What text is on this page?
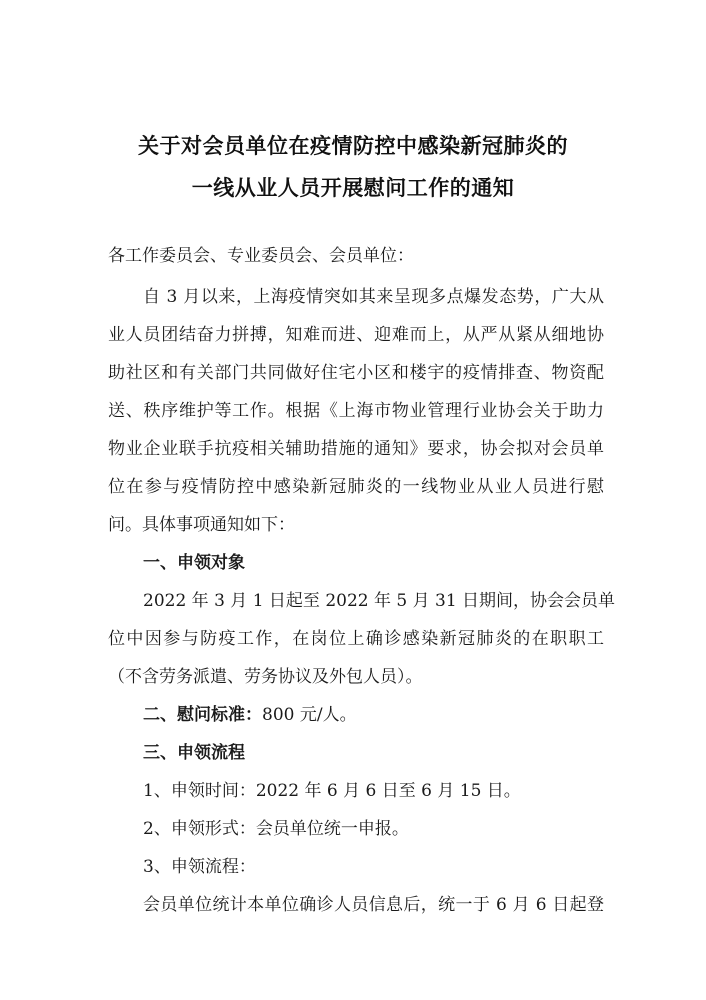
关于对会员单位在疫情防控中感染新冠肺炎的
一线从业人员开展慰问工作的通知
各工作委员会、专业委员会、会员单位：
自 3 月以来，上海疫情突如其来呈现多点爆发态势，广大从
业人员团结奋力拼搏，知难而进、迎难而上，从严从紧从细地协
助社区和有关部门共同做好住宅小区和楼宇的疫情排查、物资配
送、秩序维护等工作。根据《上海市物业管理行业协会关于助力
物业企业联手抗疫相关辅助措施的通知》要求，协会拟对会员单
位在参与疫情防控中感染新冠肺炎的一线物业从业人员进行慰
问。具体事项通知如下：
一、申领对象
2022 年 3 月 1 日起至 2022 年 5 月 31 日期间，协会会员单
位中因参与防疫工作，在岗位上确诊感染新冠肺炎的在职职工
（不含劳务派遣、劳务协议及外包人员）。
二、慰问标准：800 元/人。
三、申领流程
1、申领时间：2022 年 6 月 6 日至 6 月 15 日。
2、申领形式：会员单位统一申报。
3、申领流程：
会员单位统计本单位确诊人员信息后，统一于 6 月 6 日起登
